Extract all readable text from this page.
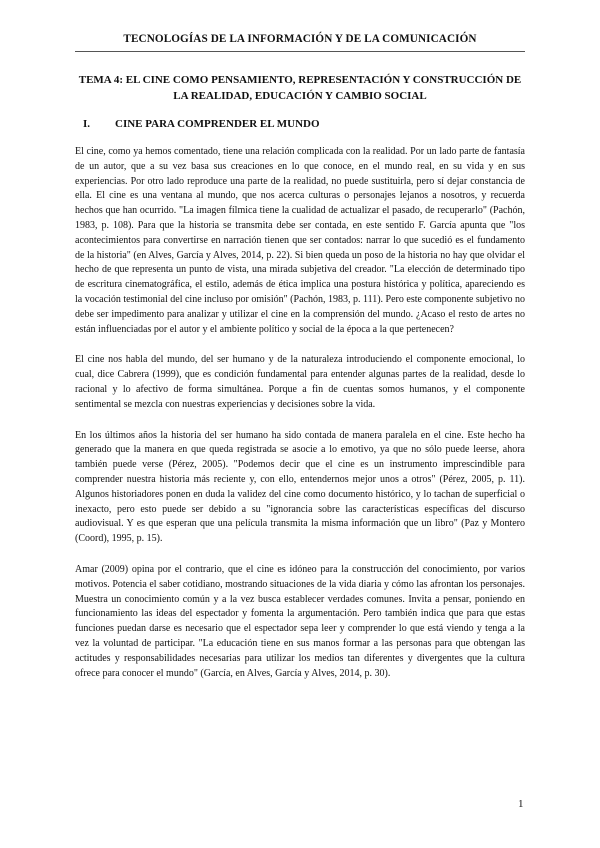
TECNOLOGÍAS DE LA INFORMACIÓN Y DE LA COMUNICACIÓN
TEMA 4: EL CINE COMO PENSAMIENTO, REPRESENTACIÓN Y CONSTRUCCIÓN DE LA REALIDAD, EDUCACIÓN Y CAMBIO SOCIAL
I. CINE PARA COMPRENDER EL MUNDO

El cine, como ya hemos comentado, tiene una relación complicada con la realidad. Por un lado parte de fantasía de un autor, que a su vez basa sus creaciones en lo que conoce, en el mundo real, en su vida y en sus experiencias. Por otro lado reproduce una parte de la realidad, no puede sustituirla, pero sí dejar constancia de ella. El cine es una ventana al mundo, que nos acerca culturas o personajes lejanos a nosotros, y recuerda hechos que han ocurrido. "La imagen fílmica tiene la cualidad de actualizar el pasado, de recuperarlo" (Pachón, 1983, p. 108). Para que la historia se transmita debe ser contada, en este sentido F. García apunta que "los acontecimientos para convertirse en narración tienen que ser contados: narrar lo que sucedió es el fundamento de la historia" (en Alves, García y Alves, 2014, p. 22). Si bien queda un poso de la historia no hay que olvidar el hecho de que representa un punto de vista, una mirada subjetiva del creador. "La elección de determinado tipo de escritura cinematográfica, el estilo, además de ética implica una postura histórica y política, apareciendo es la vocación testimonial del cine incluso por omisión" (Pachón, 1983, p. 111). Pero este componente subjetivo no debe ser impedimento para analizar y utilizar el cine en la comprensión del mundo. ¿Acaso el resto de artes no están influenciadas por el autor y el ambiente político y social de la época a la que pertenecen?

El cine nos habla del mundo, del ser humano y de la naturaleza introduciendo el componente emocional, lo cual, dice Cabrera (1999), que es condición fundamental para entender algunas partes de la realidad, desde lo racional y lo afectivo de forma simultánea. Porque a fin de cuentas somos humanos, y el componente sentimental se mezcla con nuestras experiencias y decisiones sobre la vida.

En los últimos años la historia del ser humano ha sido contada de manera paralela en el cine. Este hecho ha generado que la manera en que queda registrada se asocie a lo emotivo, ya que no sólo puede leerse, ahora también puede verse (Pérez, 2005). "Podemos decir que el cine es un instrumento imprescindible para comprender nuestra historia más reciente y, con ello, entendernos mejor unos a otros" (Pérez, 2005, p. 11). Algunos historiadores ponen en duda la validez del cine como documento histórico, y lo tachan de superficial o inexacto, pero esto puede ser debido a su "ignorancia sobre las características específicas del discurso audiovisual. Y es que esperan que una película transmita la misma información que un libro" (Paz y Montero (Coord), 1995, p. 15).

Amar (2009) opina por el contrario, que el cine es idóneo para la construcción del conocimiento, por varios motivos. Potencia el saber cotidiano, mostrando situaciones de la vida diaria y cómo las afrontan los personajes. Muestra un conocimiento común y a la vez busca establecer verdades comunes. Invita a pensar, poniendo en funcionamiento las ideas del espectador y fomenta la argumentación. Pero también indica que para que estas funciones puedan darse es necesario que el espectador sepa leer y comprender lo que está viendo y tenga a la vez la voluntad de participar. "La educación tiene en sus manos formar a las personas para que obtengan las actitudes y responsabilidades necesarias para utilizar los medios tan diferentes y divergentes que la cultura ofrece para conocer el mundo" (García, en Alves, García y Alves, 2014, p. 30).

1
